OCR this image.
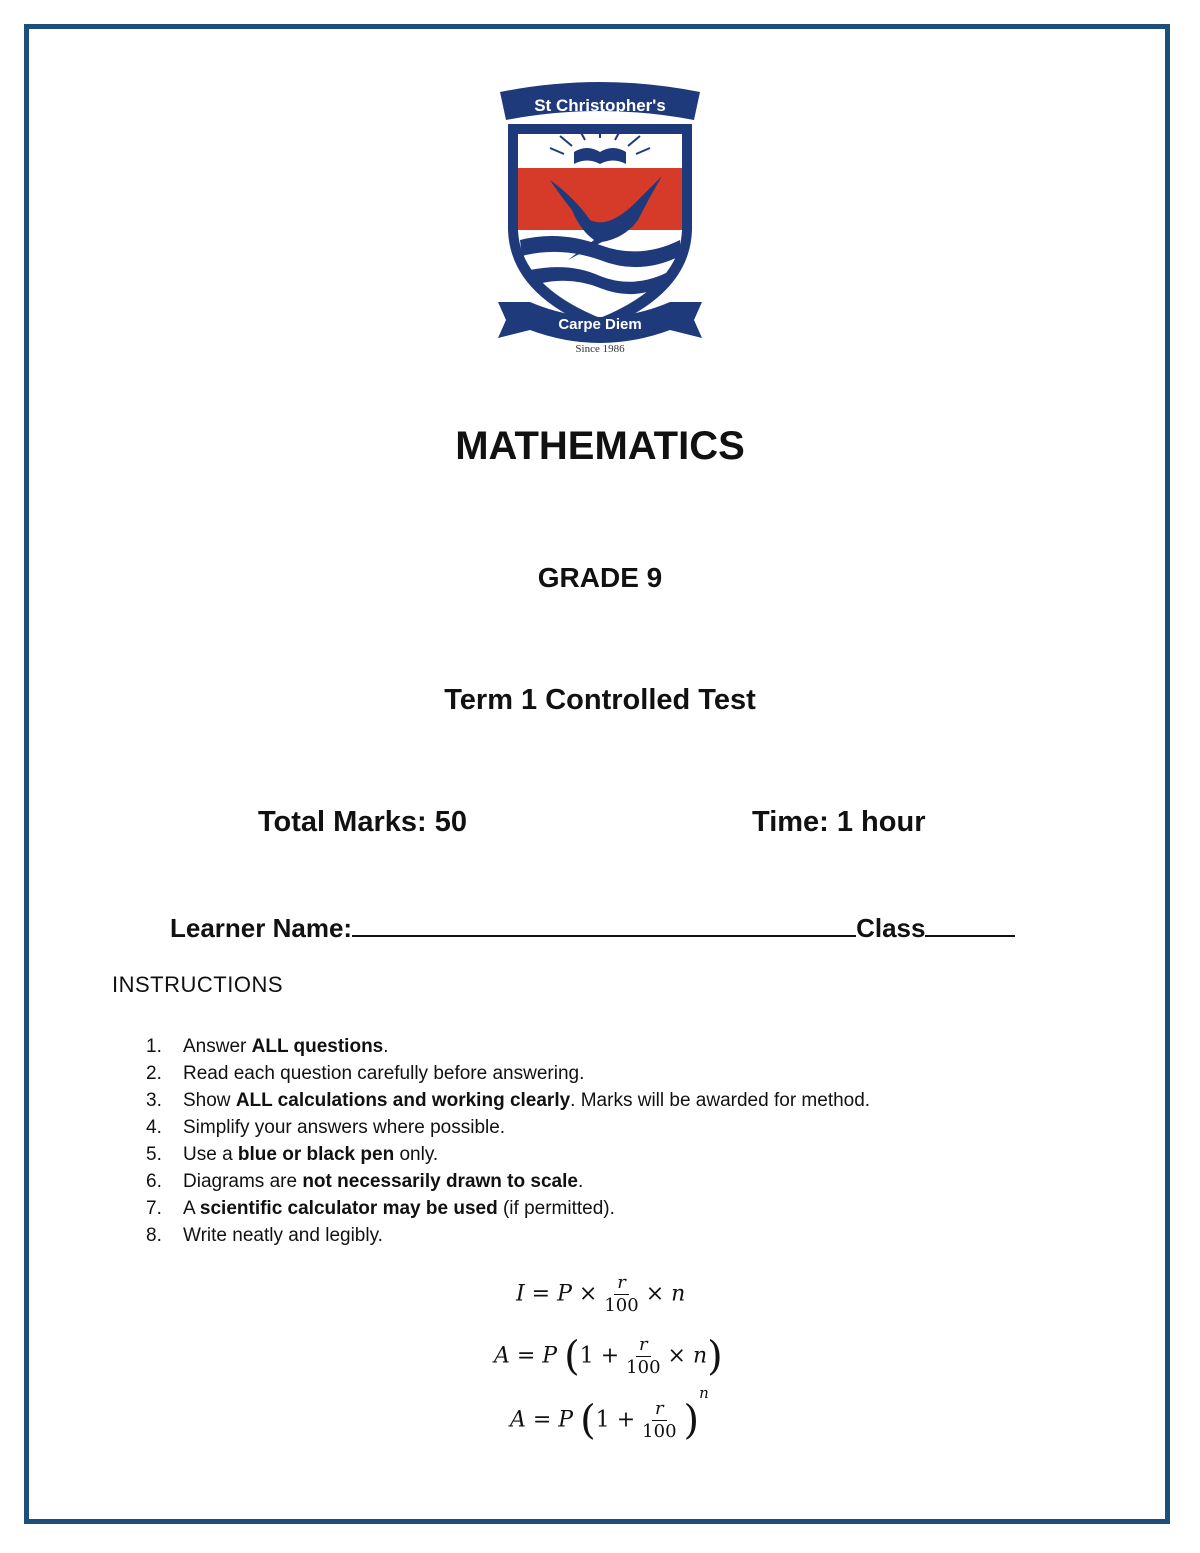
St Christopher's
Carpe Diem
Since 1986
MATHEMATICS
GRADE 9
Term 1 Controlled Test
Total Marks: 50	Time: 1 hour
Learner Name:	Class
INSTRUCTIONS
1. Answer ALL questions.
2. Read each question carefully before answering.
3. Show ALL calculations and working clearly. Marks will be awarded for method.
4. Simplify your answers where possible.
5. Use a blue or black pen only.
6. Diagrams are not necessarily drawn to scale.
7. A scientific calculator may be used (if permitted).
8. Write neatly and legibly.
$I = P \times \frac{r}{100} \times n$
A = P $(1 + \frac{r}{100} \times n)$
A = P $(1 + \frac{r}{100} )^n$
